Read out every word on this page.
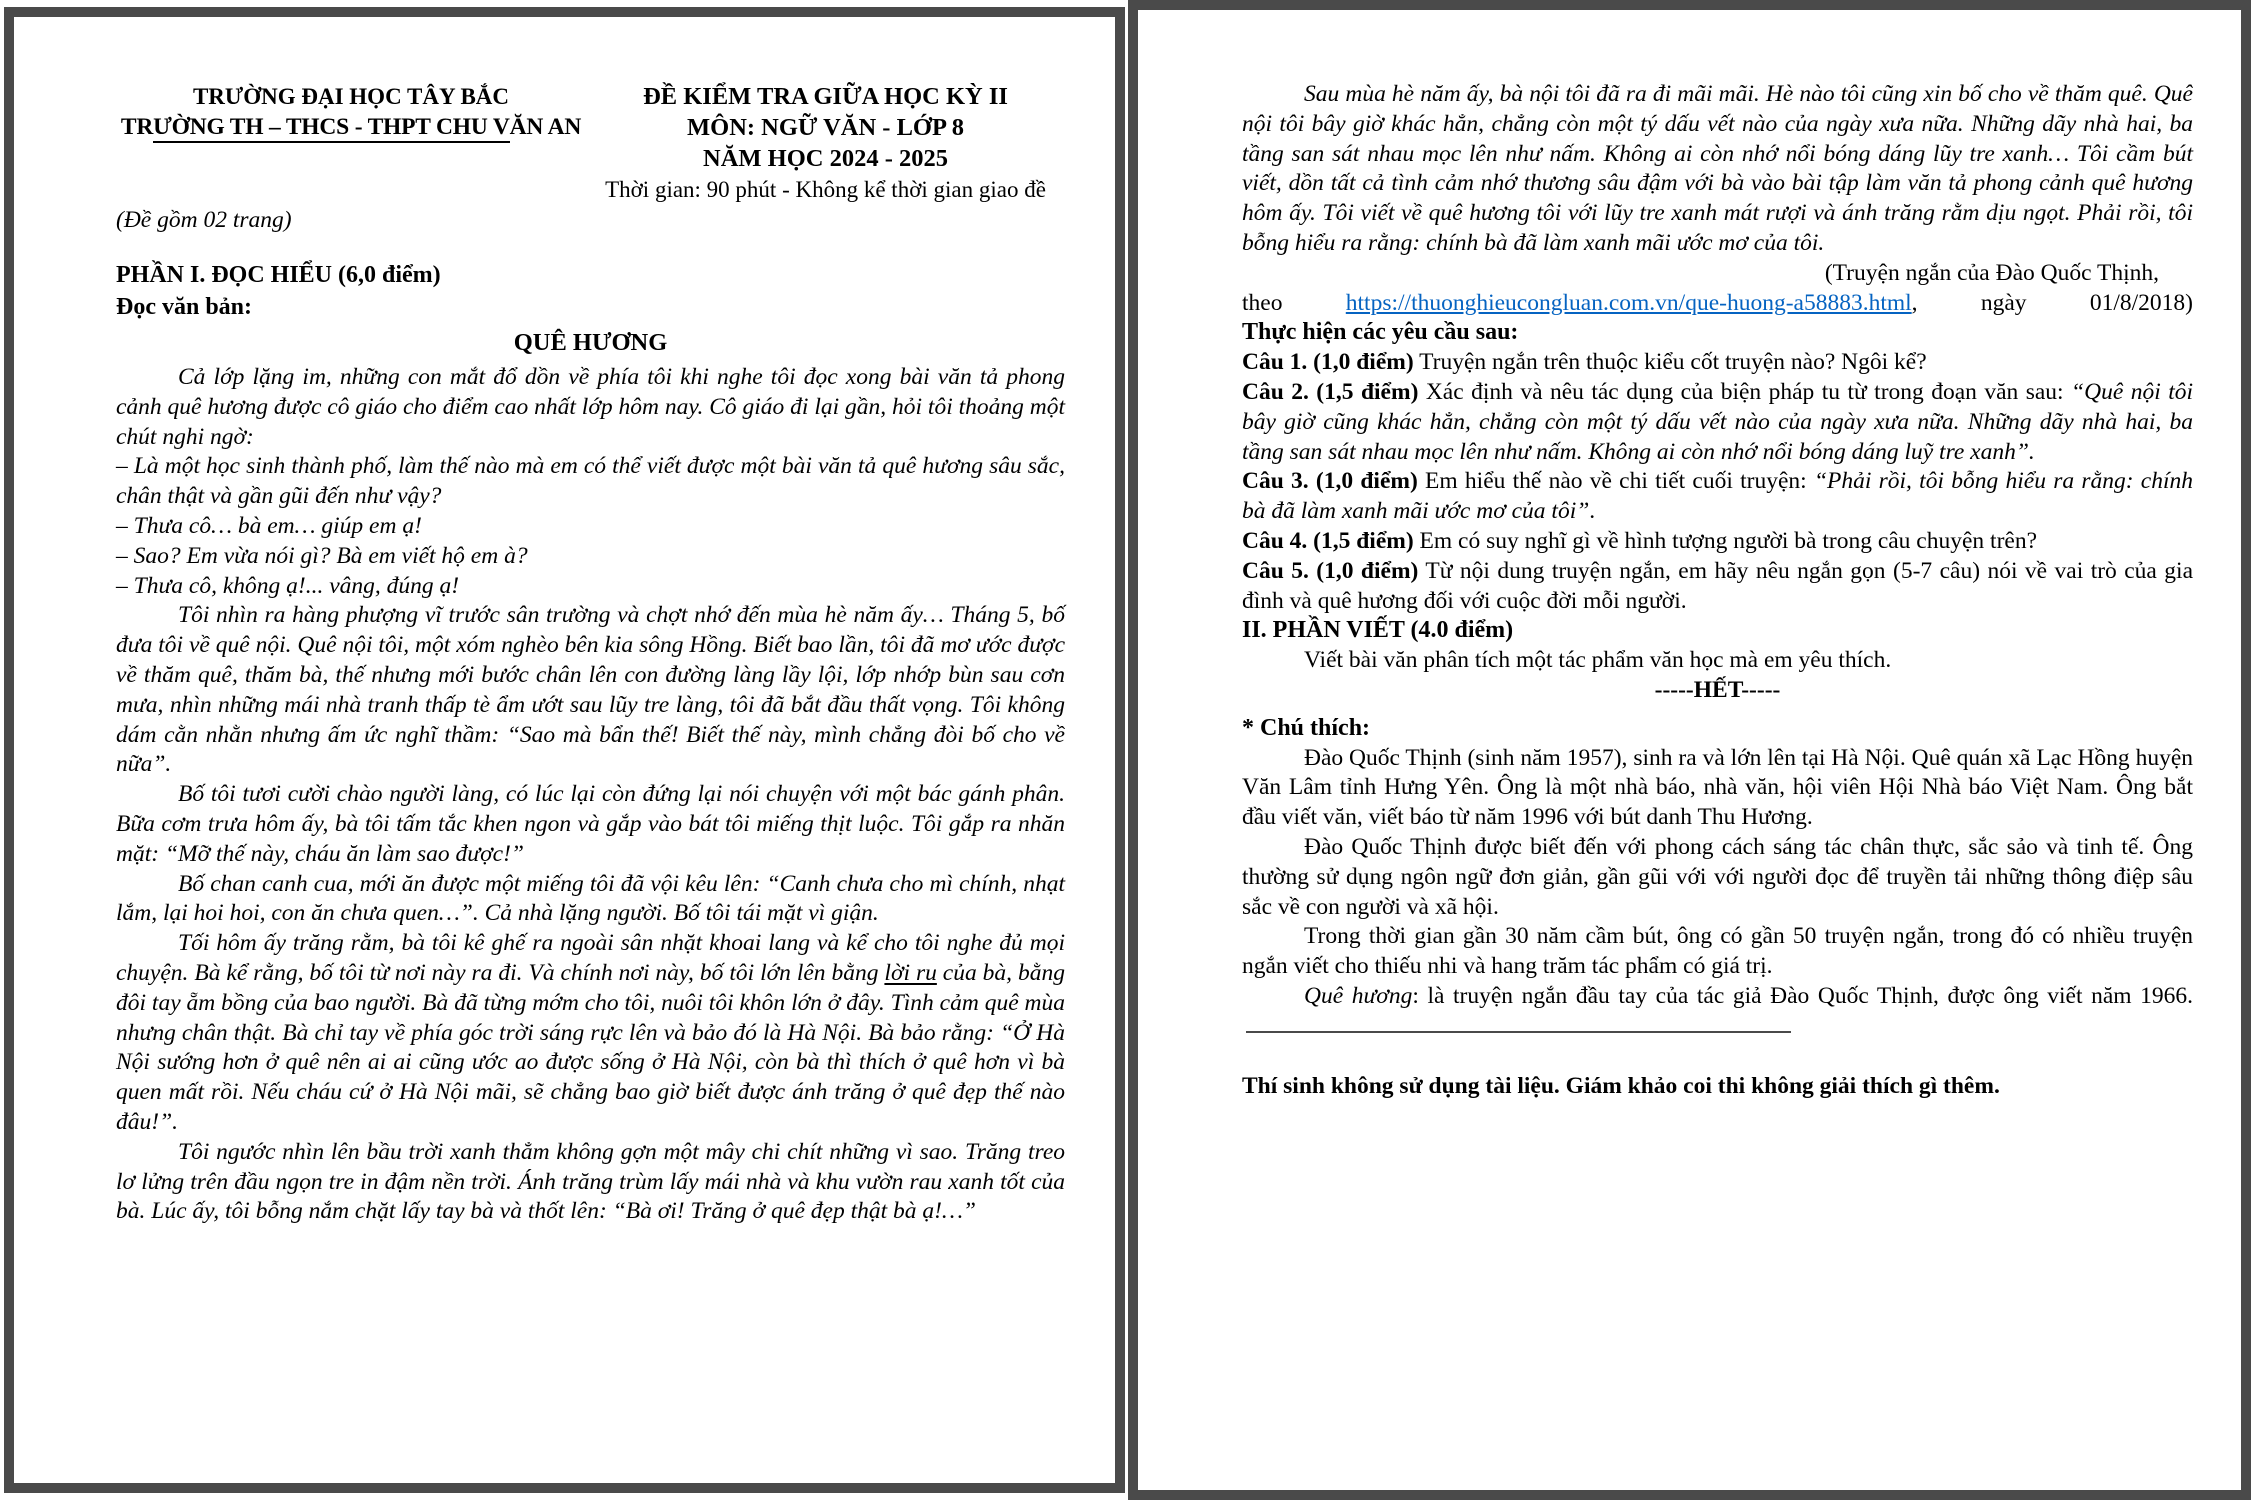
TRƯỜNG ĐẠI HỌC TÂY BẮC
TRƯỜNG TH – THCS - THPT CHU VĂN AN
ĐỀ KIỂM TRA GIỮA HỌC KỲ II
MÔN: NGỮ VĂN - LỚP 8
NĂM HỌC 2024 - 2025
Thời gian: 90 phút - Không kể thời gian giao đề

(Đề gồm 02 trang)

PHẦN I. ĐỌC HIỂU (6,0 điểm)

Đọc văn bản:

QUÊ HƯƠNG

Cả lớp lặng im, những con mắt đổ dồn về phía tôi khi nghe tôi đọc xong bài văn tả phong cảnh quê hương được cô giáo cho điểm cao nhất lớp hôm nay. Cô giáo đi lại gần, hỏi tôi thoảng một chút nghi ngờ:

– Là một học sinh thành phố, làm thế nào mà em có thể viết được một bài văn tả quê hương sâu sắc, chân thật và gần gũi đến như vậy?

– Thưa cô… bà em… giúp em ạ!

– Sao? Em vừa nói gì? Bà em viết hộ em à?

– Thưa cô, không ạ!... vâng, đúng ạ!

Tôi nhìn ra hàng phượng vĩ trước sân trường và chợt nhớ đến mùa hè năm ấy… Tháng 5, bố đưa tôi về quê nội. Quê nội tôi, một xóm nghèo bên kia sông Hồng. Biết bao lần, tôi đã mơ ước được về thăm quê, thăm bà, thế nhưng mới bước chân lên con đường làng lầy lội, lớp nhớp bùn sau cơn mưa, nhìn những mái nhà tranh thấp tè ẩm ướt sau lũy tre làng, tôi đã bắt đầu thất vọng. Tôi không dám cằn nhằn nhưng ấm ức nghĩ thầm: “Sao mà bẩn thế! Biết thế này, mình chẳng đòi bố cho về nữa”.

Bố tôi tươi cười chào người làng, có lúc lại còn đứng lại nói chuyện với một bác gánh phân. Bữa cơm trưa hôm ấy, bà tôi tấm tắc khen ngon và gắp vào bát tôi miếng thịt luộc. Tôi gắp ra nhăn mặt: “Mỡ thế này, cháu ăn làm sao được!”

Bố chan canh cua, mới ăn được một miếng tôi đã vội kêu lên: “Canh chưa cho mì chính, nhạt lắm, lại hoi hoi, con ăn chưa quen…”. Cả nhà lặng người. Bố tôi tái mặt vì giận.

Tối hôm ấy trăng rằm, bà tôi kê ghế ra ngoài sân nhặt khoai lang và kể cho tôi nghe đủ mọi chuyện. Bà kể rằng, bố tôi từ nơi này ra đi. Và chính nơi này, bố tôi lớn lên bằng lời ru của bà, bằng đôi tay ẵm bồng của bao người. Bà đã từng mớm cho tôi, nuôi tôi khôn lớn ở đây. Tình cảm quê mùa nhưng chân thật. Bà chỉ tay về phía góc trời sáng rực lên và bảo đó là Hà Nội. Bà bảo rằng: “Ở Hà Nội sướng hơn ở quê nên ai ai cũng ước ao được sống ở Hà Nội, còn bà thì thích ở quê hơn vì bà quen mất rồi. Nếu cháu cứ ở Hà Nội mãi, sẽ chẳng bao giờ biết được ánh trăng ở quê đẹp thế nào đâu!”.

Tôi ngước nhìn lên bầu trời xanh thẳm không gợn một mây chi chít những vì sao. Trăng treo lơ lửng trên đầu ngọn tre in đậm nền trời. Ánh trăng trùm lấy mái nhà và khu vườn rau xanh tốt của bà. Lúc ấy, tôi bỗng nắm chặt lấy tay bà và thốt lên: “Bà ơi! Trăng ở quê đẹp thật bà ạ!…”

Sau mùa hè năm ấy, bà nội tôi đã ra đi mãi mãi. Hè nào tôi cũng xin bố cho về thăm quê. Quê nội tôi bây giờ khác hẳn, chẳng còn một tý dấu vết nào của ngày xưa nữa. Những dãy nhà hai, ba tầng san sát nhau mọc lên như nấm. Không ai còn nhớ nổi bóng dáng lũy tre xanh… Tôi cầm bút viết, dồn tất cả tình cảm nhớ thương sâu đậm với bà vào bài tập làm văn tả phong cảnh quê hương hôm ấy. Tôi viết về quê hương tôi với lũy tre xanh mát rượi và ánh trăng rằm dịu ngọt. Phải rồi, tôi bỗng hiểu ra rằng: chính bà đã làm xanh mãi ước mơ của tôi.

(Truyện ngắn của Đào Quốc Thịnh,

theo https://thuonghieucongluan.com.vn/que-huong-a58883.html, ngày 01/8/2018)

Thực hiện các yêu cầu sau:

Câu 1. (1,0 điểm) Truyện ngắn trên thuộc kiểu cốt truyện nào? Ngôi kể?

Câu 2. (1,5 điểm) Xác định và nêu tác dụng của biện pháp tu từ trong đoạn văn sau: “Quê nội tôi bây giờ cũng khác hẳn, chẳng còn một tý dấu vết nào của ngày xưa nữa. Những dãy nhà hai, ba tầng san sát nhau mọc lên như nấm. Không ai còn nhớ nổi bóng dáng luỹ tre xanh”.

Câu 3. (1,0 điểm) Em hiểu thế nào về chi tiết cuối truyện: “Phải rồi, tôi bỗng hiểu ra rằng: chính bà đã làm xanh mãi ước mơ của tôi”.

Câu 4. (1,5 điểm) Em có suy nghĩ gì về hình tượng người bà trong câu chuyện trên?

Câu 5. (1,0 điểm) Từ nội dung truyện ngắn, em hãy nêu ngắn gọn (5-7 câu) nói về vai trò của gia đình và quê hương đối với cuộc đời mỗi người.

II. PHẦN VIẾT (4.0 điểm)

Viết bài văn phân tích một tác phẩm văn học mà em yêu thích.

-----HẾT-----

* Chú thích:

Đào Quốc Thịnh (sinh năm 1957), sinh ra và lớn lên tại Hà Nội. Quê quán xã Lạc Hồng huyện Văn Lâm tỉnh Hưng Yên. Ông là một nhà báo, nhà văn, hội viên Hội Nhà báo Việt Nam. Ông bắt đầu viết văn, viết báo từ năm 1996 với bút danh Thu Hương.

Đào Quốc Thịnh được biết đến với phong cách sáng tác chân thực, sắc sảo và tinh tế. Ông thường sử dụng ngôn ngữ đơn giản, gần gũi với với người đọc để truyền tải những thông điệp sâu sắc về con người và xã hội.

Trong thời gian gần 30 năm cầm bút, ông có gần 50 truyện ngắn, trong đó có nhiều truyện ngắn viết cho thiếu nhi và hang trăm tác phẩm có giá trị.

Quê hương: là truyện ngắn đầu tay của tác giả Đào Quốc Thịnh, được ông viết năm 1966.

Thí sinh không sử dụng tài liệu. Giám khảo coi thi không giải thích gì thêm.
